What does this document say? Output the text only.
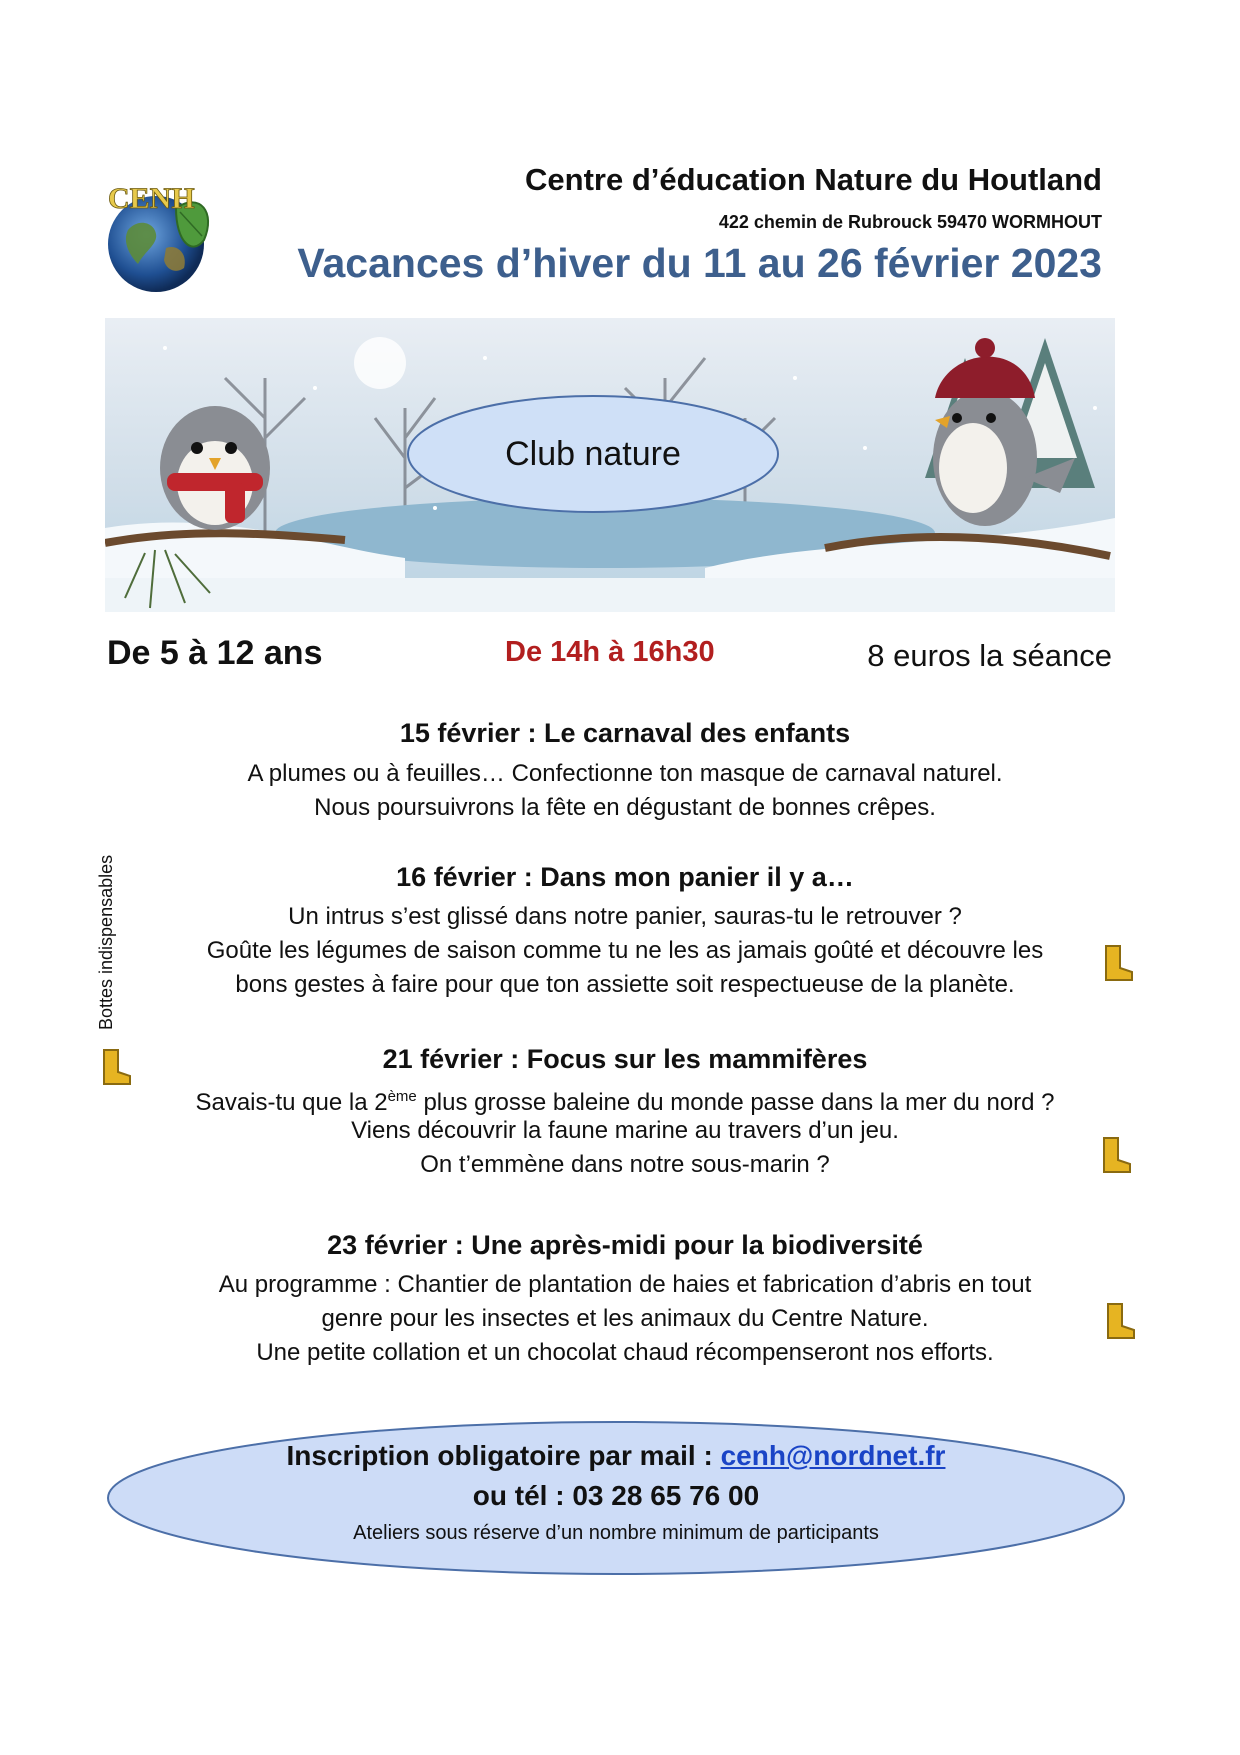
CENH
Centre d’éducation Nature du Houtland
422 chemin de Rubrouck 59470 WORMHOUT
Vacances d’hiver du 11 au 26 février 2023
Club nature
De 5 à 12 ans	De 14h à 16h30	8 euros la séance
Bottes indispensables
15 février : Le carnaval des enfants
A plumes ou à feuilles… Confectionne ton masque de carnaval naturel.
Nous poursuivrons la fête en dégustant de bonnes crêpes.
16 février : Dans mon panier il y a…
Un intrus s’est glissé dans notre panier, sauras-tu le retrouver ?
Goûte les légumes de saison comme tu ne les as jamais goûté et découvre les
bons gestes à faire pour que ton assiette soit respectueuse de la planète.
21 février : Focus sur les mammifères
Savais-tu que la 2ème plus grosse baleine du monde passe dans la mer du nord ?
Viens découvrir la faune marine au travers d’un jeu.
On t’emmène dans notre sous-marin ?
23 février : Une après-midi pour la biodiversité
Au programme : Chantier de plantation de haies et fabrication d’abris en tout
genre pour les insectes et les animaux du Centre Nature.
Une petite collation et un chocolat chaud récompenseront nos efforts.
Inscription obligatoire par mail : cenh@nordnet.fr
ou tél : 03 28 65 76 00
Ateliers sous réserve d’un nombre minimum de participants
